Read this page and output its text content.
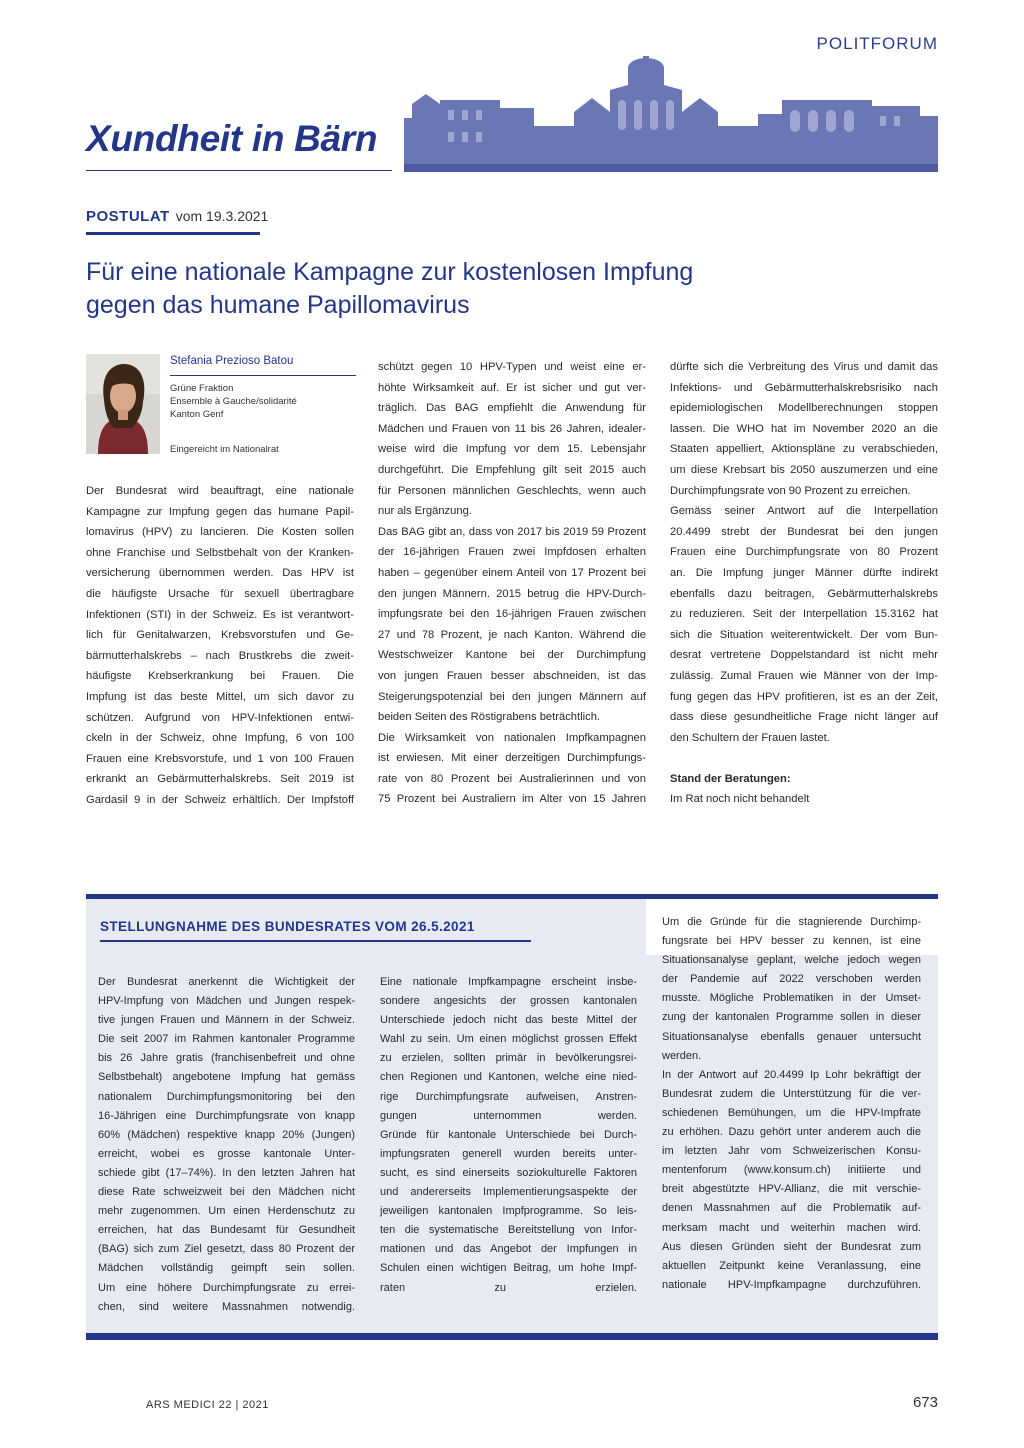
POLITFORUM
Xundheit in Bärn
POSTULAT vom 19.3.2021
Für eine nationale Kampagne zur kostenlosen Impfung
gegen das humane Papillomavirus
Stefania Prezioso Batou
Grüne Fraktion
Ensemble à Gauche/solidarité
Kanton Genf
Eingereicht im Nationalrat
Der Bundesrat wird beauftragt, eine nationale
Kampagne zur Impfung gegen das humane Papil-
lomavirus (HPV) zu lancieren. Die Kosten sollen
ohne Franchise und Selbstbehalt von der Kranken-
versicherung übernommen werden. Das HPV ist
die häufigste Ursache für sexuell übertragbare
Infektionen (STI) in der Schweiz. Es ist verantwort-
lich für Genitalwarzen, Krebsvorstufen und Ge-
bärmutterhalskrebs – nach Brustkrebs die zweit-
häufigste Krebserkrankung bei Frauen. Die
Impfung ist das beste Mittel, um sich davor zu
schützen. Aufgrund von HPV-Infektionen entwi-
ckeln in der Schweiz, ohne Impfung, 6 von 100
Frauen eine Krebsvorstufe, und 1 von 100 Frauen
erkrankt an Gebärmutterhalskrebs. Seit 2019 ist
Gardasil 9 in der Schweiz erhältlich. Der Impfstoff
schützt gegen 10 HPV-Typen und weist eine er-
höhte Wirksamkeit auf. Er ist sicher und gut ver-
träglich. Das BAG empfiehlt die Anwendung für
Mädchen und Frauen von 11 bis 26 Jahren, idealer-
weise wird die Impfung vor dem 15. Lebensjahr
durchgeführt. Die Empfehlung gilt seit 2015 auch
für Personen männlichen Geschlechts, wenn auch
nur als Ergänzung.
Das BAG gibt an, dass von 2017 bis 2019 59 Prozent
der 16-jährigen Frauen zwei Impfdosen erhalten
haben – gegenüber einem Anteil von 17 Prozent bei
den jungen Männern. 2015 betrug die HPV-Durch-
impfungsrate bei den 16-jährigen Frauen zwischen
27 und 78 Prozent, je nach Kanton. Während die
Westschweizer Kantone bei der Durchimpfung
von jungen Frauen besser abschneiden, ist das
Steigerungspotenzial bei den jungen Männern auf
beiden Seiten des Röstigrabens beträchtlich.
Die Wirksamkeit von nationalen Impfkampagnen
ist erwiesen. Mit einer derzeitigen Durchimpfungs-
rate von 80 Prozent bei Australierinnen und von
75 Prozent bei Australiern im Alter von 15 Jahren
dürfte sich die Verbreitung des Virus und damit das
Infektions- und Gebärmutterhalskrebsrisiko nach
epidemiologischen Modellberechnungen stoppen
lassen. Die WHO hat im November 2020 an die
Staaten appelliert, Aktionspläne zu verabschieden,
um diese Krebsart bis 2050 auszumerzen und eine
Durchimpfungsrate von 90 Prozent zu erreichen.
Gemäss seiner Antwort auf die Interpellation
20.4499 strebt der Bundesrat bei den jungen
Frauen eine Durchimpfungsrate von 80 Prozent
an. Die Impfung junger Männer dürfte indirekt
ebenfalls dazu beitragen, Gebärmutterhalskrebs
zu reduzieren. Seit der Interpellation 15.3162 hat
sich die Situation weiterentwickelt. Der vom Bun-
desrat vertretene Doppelstandard ist nicht mehr
zulässig. Zumal Frauen wie Männer von der Imp-
fung gegen das HPV profitieren, ist es an der Zeit,
dass diese gesundheitliche Frage nicht länger auf
den Schultern der Frauen lastet.

Stand der Beratungen:
Im Rat noch nicht behandelt
STELLUNGNAHME DES BUNDESRATES VOM 26.5.2021
Der Bundesrat anerkennt die Wichtigkeit der
HPV-Impfung von Mädchen und Jungen respek-
tive jungen Frauen und Männern in der Schweiz.
Die seit 2007 im Rahmen kantonaler Programme
bis 26 Jahre gratis (franchisenbefreit und ohne
Selbstbehalt) angebotene Impfung hat gemäss
nationalem Durchimpfungsmonitoring bei den
16-Jährigen eine Durchimpfungsrate von knapp
60% (Mädchen) respektive knapp 20% (Jungen)
erreicht, wobei es grosse kantonale Unter-
schiede gibt (17–74%). In den letzten Jahren hat
diese Rate schweizweit bei den Mädchen nicht
mehr zugenommen. Um einen Herdenschutz zu
erreichen, hat das Bundesamt für Gesundheit
(BAG) sich zum Ziel gesetzt, dass 80 Prozent der
Mädchen vollständig geimpft sein sollen.
Um eine höhere Durchimpfungsrate zu errei-
chen, sind weitere Massnahmen notwendig.
Eine nationale Impfkampagne erscheint insbe-
sondere angesichts der grossen kantonalen
Unterschiede jedoch nicht das beste Mittel der
Wahl zu sein. Um einen möglichst grossen Effekt
zu erzielen, sollten primär in bevölkerungsrei-
chen Regionen und Kantonen, welche eine nied-
rige Durchimpfungsrate aufweisen, Anstren-
gungen unternommen werden.
Gründe für kantonale Unterschiede bei Durch-
impfungsraten generell wurden bereits unter-
sucht, es sind einerseits soziokulturelle Faktoren
und andererseits Implementierungsaspekte der
jeweiligen kantonalen Impfprogramme. So leis-
ten die systematische Bereitstellung von Infor-
mationen und das Angebot der Impfungen in
Schulen einen wichtigen Beitrag, um hohe Impf-
raten zu erzielen.
Um die Gründe für die stagnierende Durchimp-
fungsrate bei HPV besser zu kennen, ist eine
Situationsanalyse geplant, welche jedoch wegen
der Pandemie auf 2022 verschoben werden
musste. Mögliche Problematiken in der Umset-
zung der kantonalen Programme sollen in dieser
Situationsanalyse ebenfalls genauer untersucht
werden.
In der Antwort auf 20.4499 Ip Lohr bekräftigt der
Bundesrat zudem die Unterstützung für die ver-
schiedenen Bemühungen, um die HPV-Impfrate
zu erhöhen. Dazu gehört unter anderem auch die
im letzten Jahr vom Schweizerischen Konsu-
mentenforum (www.konsum.ch) initiierte und
breit abgestützte HPV-Allianz, die mit verschie-
denen Massnahmen auf die Problematik auf-
merksam macht und weiterhin machen wird.
Aus diesen Gründen sieht der Bundesrat zum
aktuellen Zeitpunkt keine Veranlassung, eine
nationale HPV-Impfkampagne durchzuführen.
ARS MEDICI 22 | 2021	673
